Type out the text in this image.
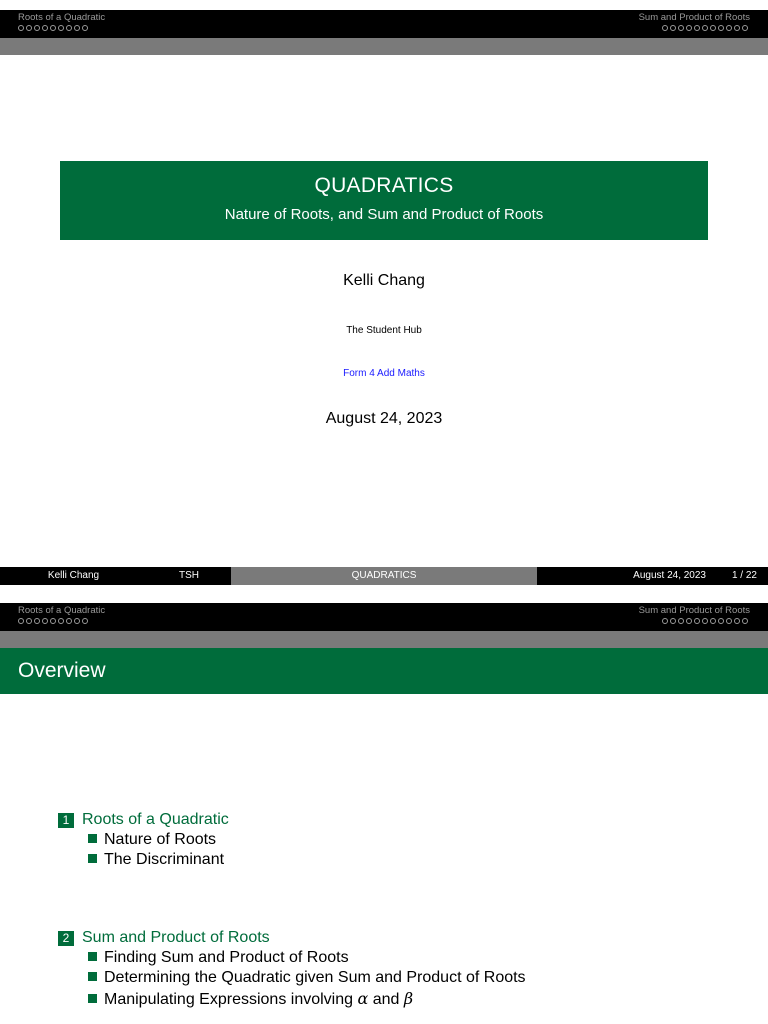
Roots of a Quadratic	Sum and Product of Roots
QUADRATICS
Nature of Roots, and Sum and Product of Roots
Kelli Chang
The Student Hub
Form 4 Add Maths
August 24, 2023
Kelli Chang	TSH	QUADRATICS	August 24, 2023	1 / 22
Roots of a Quadratic	Sum and Product of Roots
Overview
1 Roots of a Quadratic
Nature of Roots
The Discriminant
2 Sum and Product of Roots
Finding Sum and Product of Roots
Determining the Quadratic given Sum and Product of Roots
Manipulating Expressions involving α and β
